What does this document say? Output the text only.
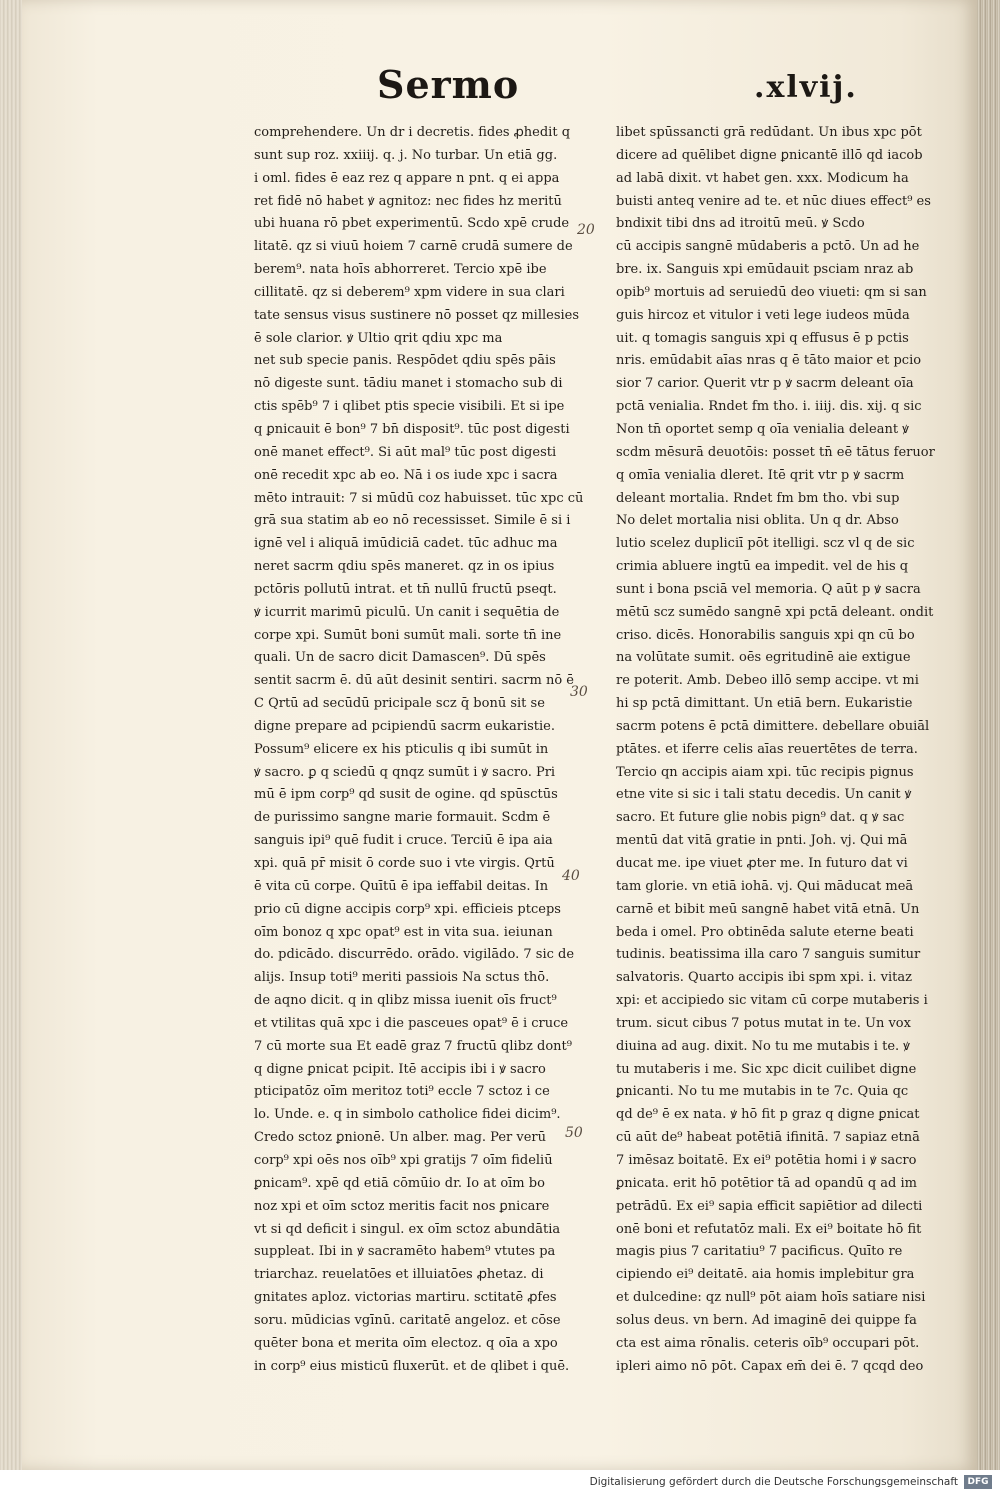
Sermo	.xlvij.
comprehendere. Un dr i decretis. fides ꝓhedit q
sunt sup roz. xxiiij. q. j. No turbar. Un etiā gg.
i oml. fides ē eaz rez q appare n pnt. q ei appa
ret fidē nō habet ꝟ agnitoz: nec fides hz meritū
ubi huana rō pbet experimentū. Scdo xpē crude
litatē. qz si viuū hoiem 7 carnē crudā sumere de
berem⁹. nata hoīs abhorreret. Tercio xpē ibe
cillitatē. qz si deberem⁹ xpm videre in sua clari
tate sensus visus sustinere nō posset qz millesies
ē sole clarior. ꝟ Ultio qrit qdiu xpc ma
net sub specie panis. Respōdet qdiu spēs pāis
nō digeste sunt. tādiu manet i stomacho sub di
ctis spēb⁹ 7 i qlibet ptis specie visibili. Et si ipe
q ꝑnicauit ē bon⁹ 7 bn̄ disposit⁹. tūc post digesti
onē manet effect⁹. Si aūt mal⁹ tūc post digesti
onē recedit xpc ab eo. Nā i os iude xpc i sacra
mēto intrauit: 7 si mūdū coz habuisset. tūc xpc cū
grā sua statim ab eo nō recessisset. Simile ē si i
ignē vel i aliquā imūdiciā cadet. tūc adhuc ma
neret sacrm qdiu spēs maneret. qz in os ipius
pctōris pollutū intrat. et tn̄ nullū fructū pseqt.
ꝟ icurrit marimū piculū. Un canit i sequētia de
corpe xpi. Sumūt boni sumūt mali. sorte tn̄ ine
quali. Un de sacro dicit Damascen⁹. Dū spēs
sentit sacrm ē. dū aūt desinit sentiri. sacrm nō ē
C Qrtū ad secūdū pricipale scz q̄ bonū sit se
digne prepare ad pcipiendū sacrm eukaristie.
Possum⁹ elicere ex his pticulis q ibi sumūt in
ꝟ sacro. ꝑ q sciedū q qnqz sumūt i ꝟ sacro. Pri
mū ē ipm corp⁹ qd susit de ogine. qd spūsctūs
de purissimo sangne marie formauit. Scdm ē
sanguis ipi⁹ quē fudit i cruce. Terciū ē ipa aia
xpi. quā pr̄ misit ō corde suo i vte virgis. Qrtū
ē vita cū corpe. Quītū ē ipa ieffabil deitas. In
prio cū digne accipis corp⁹ xpi. efficieis ptceps
oīm bonoz q xpc opat⁹ est in vita sua. ieiunan
do. pdicādo. discurrēdo. orādo. vigilādo. 7 sic de
alijs. Insup toti⁹ meriti passiois Na sctus thō.
de aqno dicit. q in qlibz missa iuenit oīs fruct⁹
et vtilitas quā xpc i die pasceues opat⁹ ē i cruce
7 cū morte sua Et eadē graz 7 fructū qlibz dont⁹
q digne ꝑnicat pcipit. Itē accipis ibi i ꝟ sacro
pticipatōz oīm meritoz toti⁹ eccle 7 sctoz i ce
lo. Unde. e. q in simbolo catholice fidei dicim⁹.
Credo sctoz ꝑnionē. Un alber. mag. Per verū
corp⁹ xpi oēs nos oīb⁹ xpi gratijs 7 oīm fideliū
ꝑnicam⁹. xpē qd etiā cōmūio dr. Io at oīm bo
noz xpi et oīm sctoz meritis facit nos ꝑnicare
vt si qd deficit i singul. ex oīm sctoz abundātia
suppleat. Ibi in ꝟ sacramēto habem⁹ vtutes pa
triarchaz. reuelatōes et illuiatōes ꝓhetaz. di
gnitates aploz. victorias martiru. sctitatē ꝓfes
soru. mūdicias vgīnū. caritatē angeloz. et cōse
quēter bona et merita oīm electoz. q oīa a xpo
in corp⁹ eius misticū fluxerūt. et de qlibet i quē.
libet spūssancti grā redūdant. Un ibus xpc pōt
dicere ad quēlibet digne ꝑnicantē illō qd iacob
ad labā dixit. vt habet gen. xxx. Modicum ha
buisti anteq venire ad te. et nūc diues effect⁹ es
bndixit tibi dns ad itroitū meū. ꝟ Scdo
cū accipis sangnē mūdaberis a pctō. Un ad he
bre. ix. Sanguis xpi emūdauit psciam nraz ab
opib⁹ mortuis ad seruiedū deo viueti: qm si san
guis hircoz et vitulor i veti lege iudeos mūda
uit. q tomagis sanguis xpi q effusus ē p pctis
nris. emūdabit aīas nras q ē tāto maior et pcio
sior 7 carior. Querit vtr p ꝟ sacrm deleant oīa
pctā venialia. Rndet fm tho. i. iiij. dis. xij. q sic
Non tn̄ oportet semp q oīa venialia deleant ꝟ
scdm mēsurā deuotōis: posset tn̄ eē tātus feruor
q omīa venialia dleret. Itē qrit vtr p ꝟ sacrm
deleant mortalia. Rndet fm bm tho. vbi sup
No delet mortalia nisi oblita. Un q dr. Abso
lutio scelez dupliciī pōt itelligi. scz vl q de sic
crimia abluere ingtū ea impedit. vel de his q
sunt i bona psciā vel memoria. Q aūt p ꝟ sacra
mētū scz sumēdo sangnē xpi pctā deleant. ondit
criso. dicēs. Honorabilis sanguis xpi qn cū bo
na volūtate sumit. oēs egritudinē aie extigue
re poterit. Amb. Debeo illō semp accipe. vt mi
hi sp pctā dimittant. Un etiā bern. Eukaristie
sacrm potens ē pctā dimittere. debellare obuiāl
ptātes. et iferre celis aīas reuertētes de terra.
Tercio qn accipis aiam xpi. tūc recipis pignus
etne vite si sic i tali statu decedis. Un canit ꝟ
sacro. Et future glie nobis pign⁹ dat. q ꝟ sac
mentū dat vitā gratie in pnti. Joh. vj. Qui mā
ducat me. ipe viuet ꝓter me. In futuro dat vi
tam glorie. vn etiā iohā. vj. Qui māducat meā
carnē et bibit meū sangnē habet vitā etnā. Un
beda i omel. Pro obtinēda salute eterne beati
tudinis. beatissima illa caro 7 sanguis sumitur
salvatoris. Quarto accipis ibi spm xpi. i. vitaz
xpi: et accipiedo sic vitam cū corpe mutaberis i
trum. sicut cibus 7 potus mutat in te. Un vox
diuina ad aug. dixit. No tu me mutabis i te. ꝟ
tu mutaberis i me. Sic xpc dicit cuilibet digne
ꝑnicanti. No tu me mutabis in te 7c. Quia qc
qd de⁹ ē ex nata. ꝟ hō fit p graz q digne ꝑnicat
cū aūt de⁹ habeat potētiā ifinitā. 7 sapiaz etnā
7 imēsaz boitatē. Ex ei⁹ potētia homi i ꝟ sacro
ꝑnicata. erit hō potētior tā ad opandū q ad im
petrādū. Ex ei⁹ sapia efficit sapiētior ad dilecti
onē boni et refutatōz mali. Ex ei⁹ boitate hō fit
magis pius 7 caritatiu⁹ 7 pacificus. Quīto re
cipiendo ei⁹ deitatē. aia homis implebitur gra
et dulcedine: qz null⁹ pōt aiam hoīs satiare nisi
solus deus. vn bern. Ad imaginē dei quippe fa
cta est aima rōnalis. ceteris oīb⁹ occupari pōt.
ipleri aimo nō pōt. Capax em̄ dei ē. 7 qcqd deo
20
30
40
50
Digitalisierung gefördert durch die Deutsche Forschungsgemeinschaft	DFG
